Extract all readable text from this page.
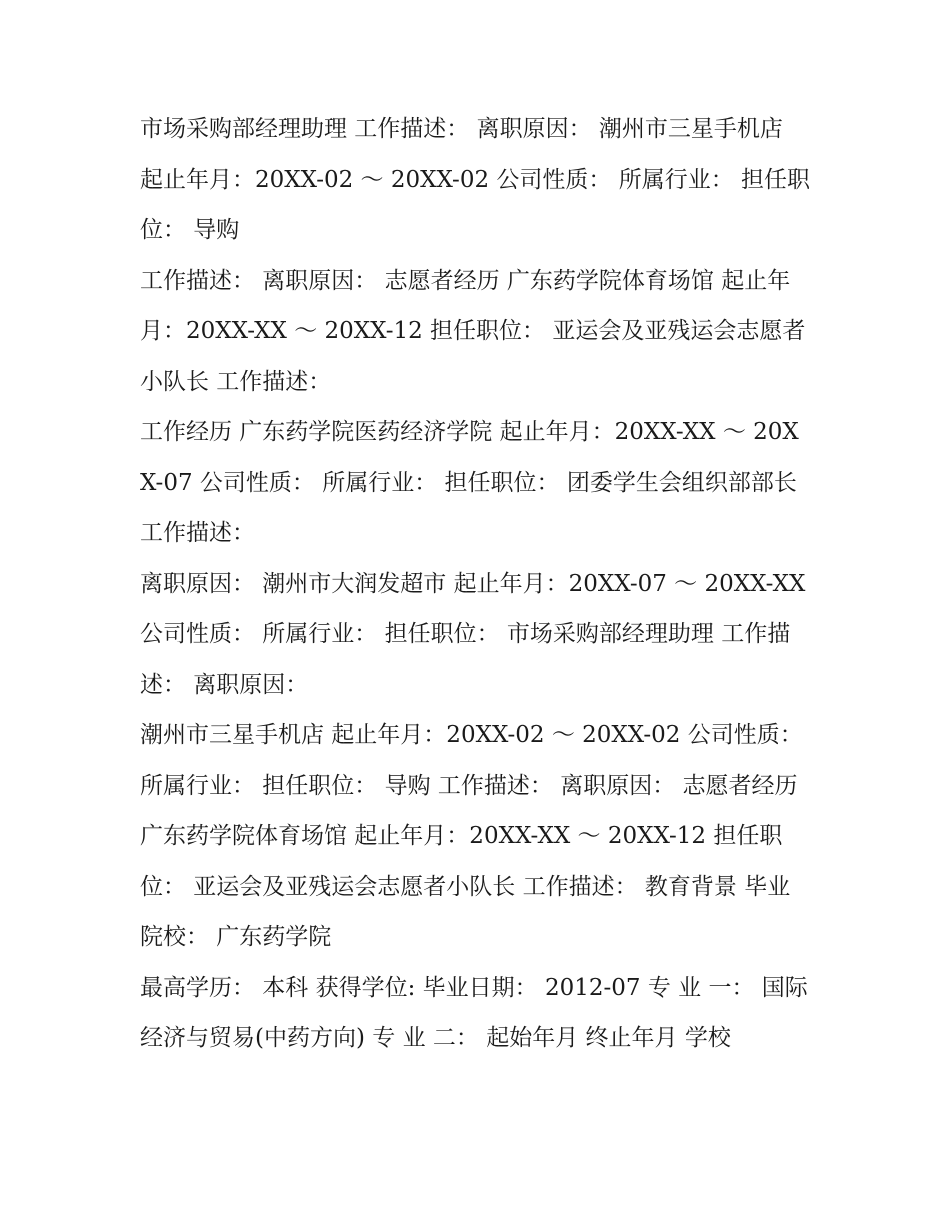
市场采购部经理助理 工作描述： 离职原因： 潮州市三星手机店 起止年月：20XX-02 ～ 20XX-02 公司性质： 所属行业： 担任职位： 导购

工作描述： 离职原因： 志愿者经历 广东药学院体育场馆 起止年月：20XX-XX ～ 20XX-12 担任职位： 亚运会及亚残运会志愿者小队长 工作描述：

工作经历 广东药学院医药经济学院 起止年月：20XX-XX ～ 20XX-07 公司性质： 所属行业： 担任职位： 团委学生会组织部部长 工作描述：

离职原因： 潮州市大润发超市 起止年月：20XX-07 ～ 20XX-XX 公司性质： 所属行业： 担任职位： 市场采购部经理助理 工作描述： 离职原因：

潮州市三星手机店 起止年月：20XX-02 ～ 20XX-02 公司性质： 所属行业： 担任职位： 导购 工作描述： 离职原因： 志愿者经历

广东药学院体育场馆 起止年月：20XX-XX ～ 20XX-12 担任职位： 亚运会及亚残运会志愿者小队长 工作描述： 教育背景 毕业院校： 广东药学院

最高学历： 本科 获得学位: 毕业日期： 2012-07 专 业 一： 国际经济与贸易(中药方向) 专 业 二： 起始年月 终止年月 学校
